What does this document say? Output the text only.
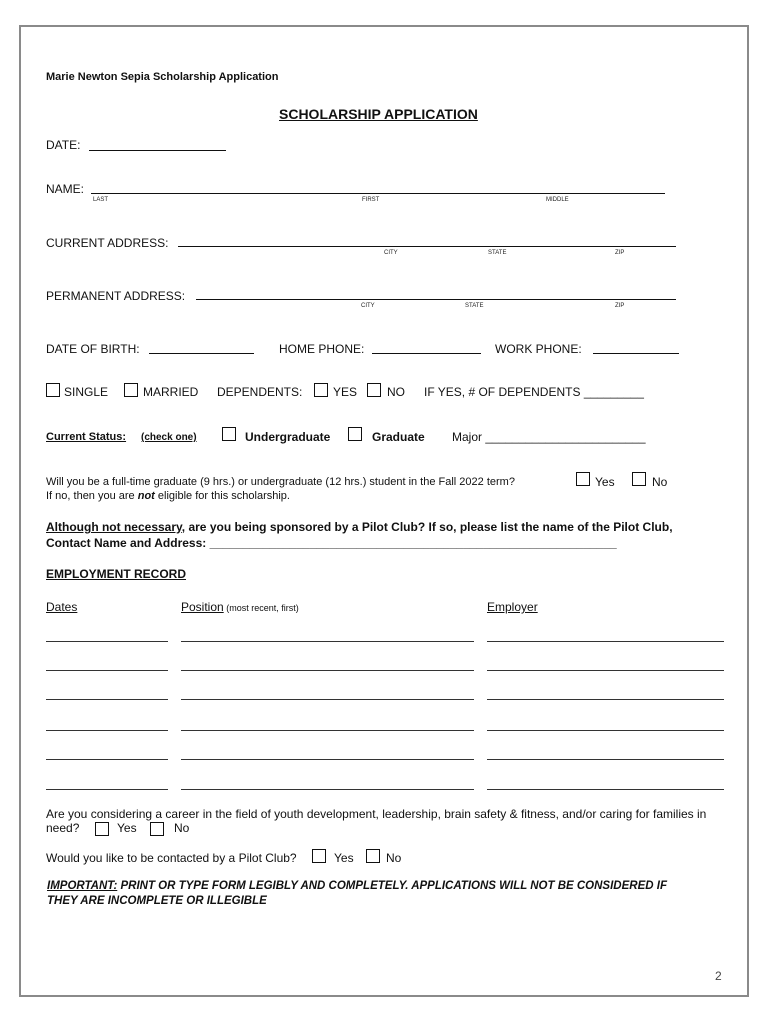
Marie Newton Sepia Scholarship Application
SCHOLARSHIP APPLICATION
DATE:
NAME:
LAST	FIRST	MIDDLE
CURRENT ADDRESS:
CITY	STATE	ZIP
PERMANENT ADDRESS:
CITY	STATE	ZIP
DATE OF BIRTH:	HOME PHONE:	WORK PHONE:
SINGLE	MARRIED DEPENDENTS:	YES NO IF YES, # OF DEPENDENTS _________
Current Status: (check one)	Undergraduate	Graduate Major ________________________
Will you be a full-time graduate (9 hrs.) or undergraduate (12 hrs.) student in the Fall 2022 term?	Yes	No
If no, then you are not eligible for this scholarship.
Although not necessary, are you being sponsored by a Pilot Club? If so, please list the name of the Pilot Club,
Contact Name and Address: _____________________________________________________________
EMPLOYMENT RECORD
Dates	Position (most recent, first)	Employer
Are you considering a career in the field of youth development, leadership, brain safety & fitness, and/or caring for families in
need?	Yes	No
Would you like to be contacted by a Pilot Club?	Yes	No
IMPORTANT: PRINT OR TYPE FORM LEGIBLY AND COMPLETELY. APPLICATIONS WILL NOT BE CONSIDERED IF
THEY ARE INCOMPLETE OR ILLEGIBLE
2
